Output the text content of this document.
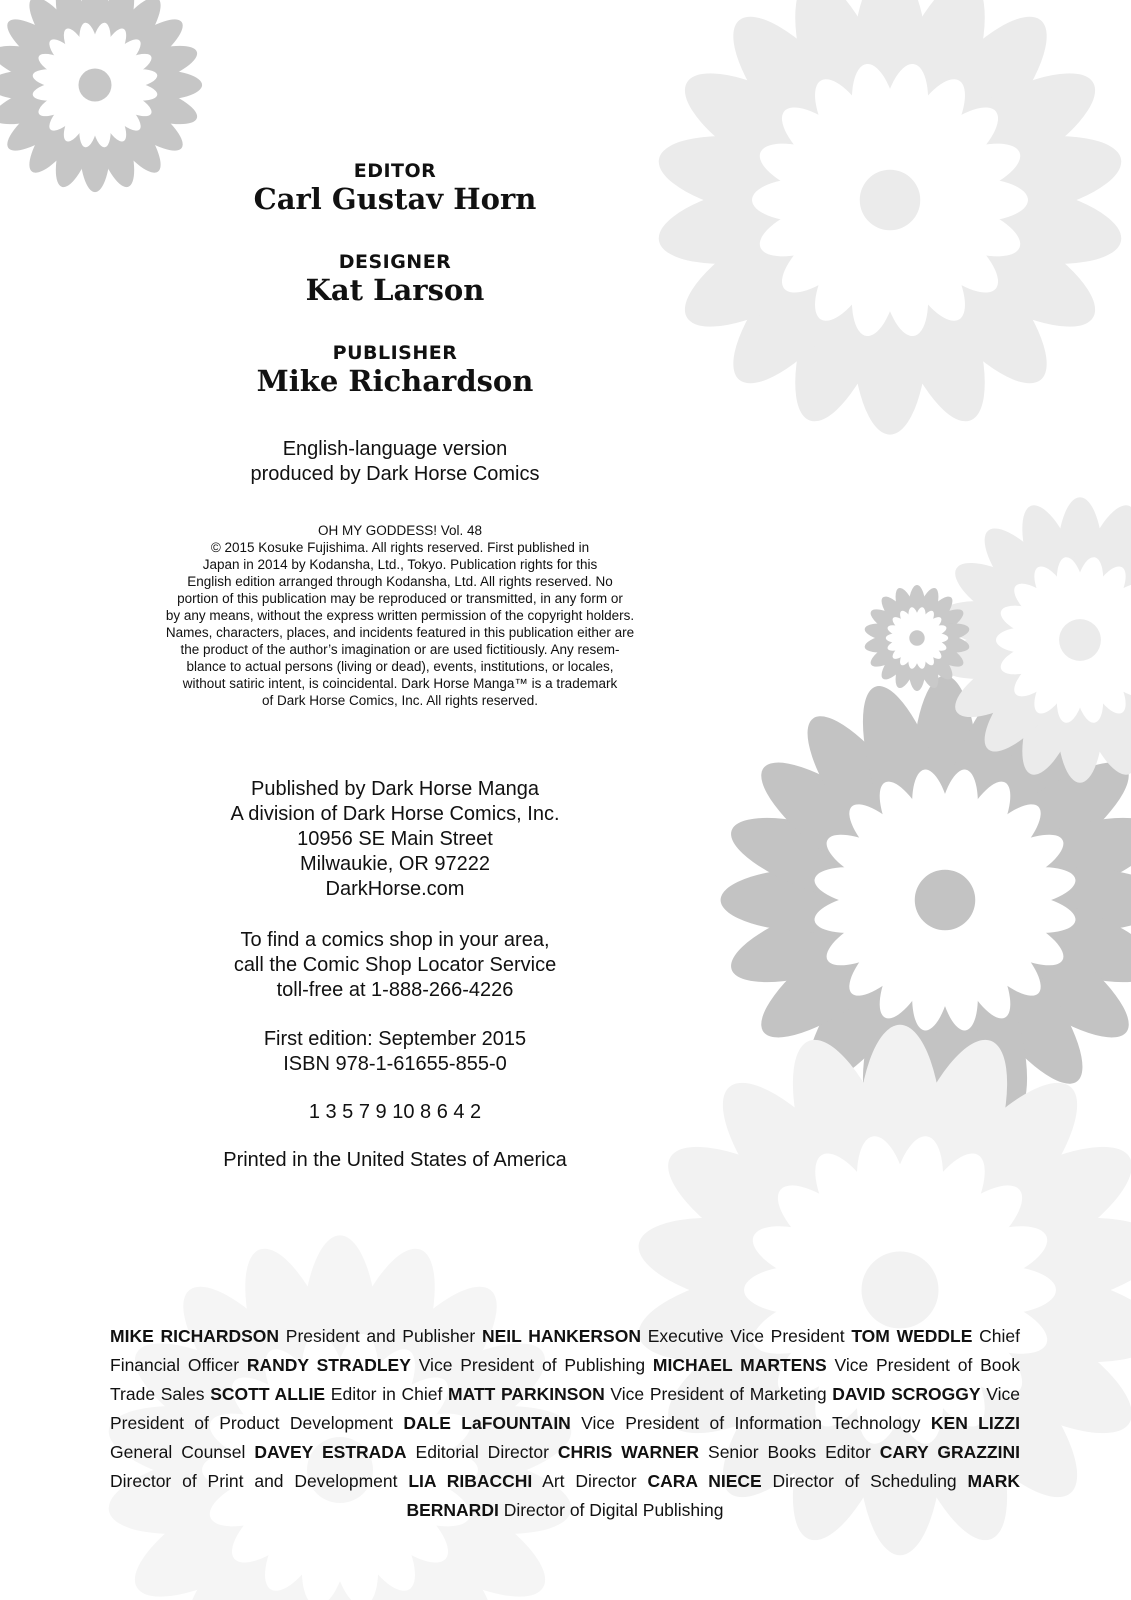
EDITOR

Carl Gustav Horn

DESIGNER

Kat Larson

PUBLISHER

Mike Richardson

English-language version

produced by Dark Horse Comics

OH MY GODDESS! Vol. 48
© 2015 Kosuke Fujishima. All rights reserved. First published in
Japan in 2014 by Kodansha, Ltd., Tokyo. Publication rights for this
English edition arranged through Kodansha, Ltd. All rights reserved. No
portion of this publication may be reproduced or transmitted, in any form or
by any means, without the express written permission of the copyright holders.
Names, characters, places, and incidents featured in this publication either are
the product of the author’s imagination or are used fictitiously. Any resem-
blance to actual persons (living or dead), events, institutions, or locales,
without satiric intent, is coincidental. Dark Horse Manga™ is a trademark
of Dark Horse Comics, Inc. All rights reserved.

Published by Dark Horse Manga

A division of Dark Horse Comics, Inc.

10956 SE Main Street

Milwaukie, OR 97222

DarkHorse.com

To find a comics shop in your area,

call the Comic Shop Locator Service

toll-free at 1-888-266-4226

First edition: September 2015

ISBN 978-1-61655-855-0

1 3 5 7 9 10 8 6 4 2

Printed in the United States of America

MIKE RICHARDSON President and Publisher NEIL HANKERSON Executive Vice President TOM WEDDLE Chief Financial Officer RANDY STRADLEY Vice President of Publishing MICHAEL MARTENS Vice President of Book Trade Sales SCOTT ALLIE Editor in Chief MATT PARKINSON Vice President of Marketing DAVID SCROGGY Vice President of Product Development DALE LaFOUNTAIN Vice President of Information Technology KEN LIZZI General Counsel DAVEY ESTRADA Editorial Director CHRIS WARNER Senior Books Editor CARY GRAZZINI Director of Print and Development LIA RIBACCHI Art Director CARA NIECE Director of Scheduling MARK BERNARDI Director of Digital Publishing
